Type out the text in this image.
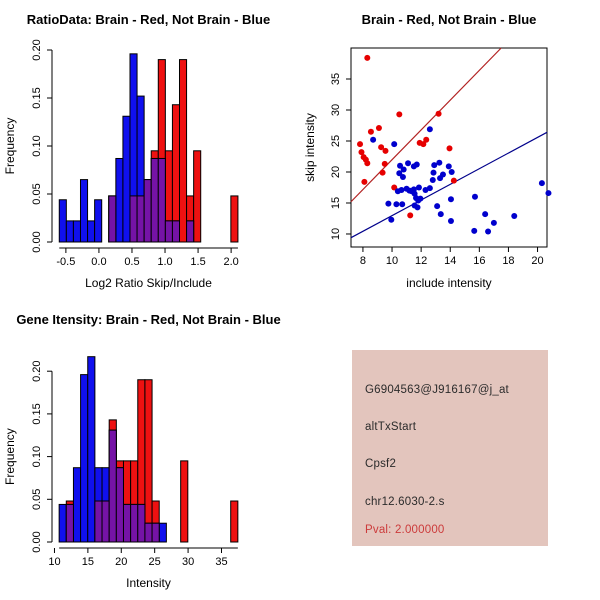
RatioData: Brain - Red, Not Brain - Blue
Log2 Ratio Skip/Include
Frequency
-0.5 0.0 0.5 1.0 1.5 2.0
0.00
0.05
0.10
0.15
0.20
Brain - Red, Not Brain - Blue
include intensity
skip intensity
8 10 12 14 16 18 20
10
15
20
25
30
35
Gene Itensity: Brain - Red, Not Brain - Blue
Intensity
Frequency
10 15 20 25 30 35
0.00
0.05
0.10
0.15
0.20
G6904563@J916167@j_at
altTxStart
Cpsf2
chr12.6030-2.s
Pval: 2.000000
